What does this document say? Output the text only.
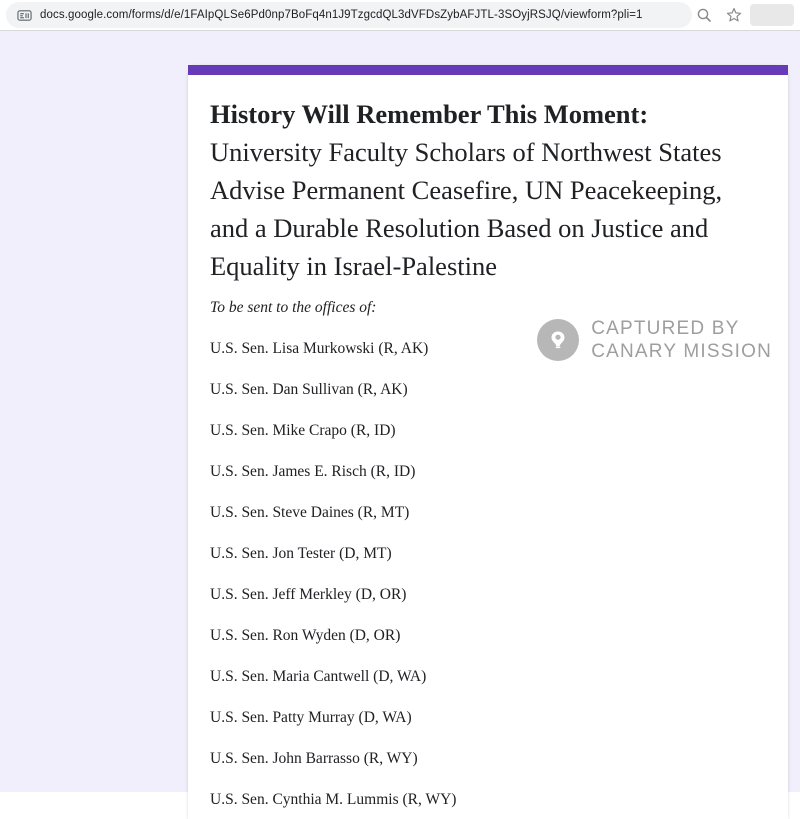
docs.google.com/forms/d/e/1FAIpQLSe6Pd0np7BoFq4n1J9TzgcdQL3dVFDsZybAFJTL-3SOyjRSJQ/viewform?pli=1
History Will Remember This Moment: University Faculty Scholars of Northwest States Advise Permanent Ceasefire, UN Peacekeeping, and a Durable Resolution Based on Justice and Equality in Israel-Palestine

To be sent to the offices of:

U.S. Sen. Lisa Murkowski (R, AK)
U.S. Sen. Dan Sullivan (R, AK)
U.S. Sen. Mike Crapo (R, ID)
U.S. Sen. James E. Risch (R, ID)
U.S. Sen. Steve Daines (R, MT)
U.S. Sen. Jon Tester (D, MT)
U.S. Sen. Jeff Merkley (D, OR)
U.S. Sen. Ron Wyden (D, OR)
U.S. Sen. Maria Cantwell (D, WA)
U.S. Sen. Patty Murray (D, WA)
U.S. Sen. John Barrasso (R, WY)
U.S. Sen. Cynthia M. Lummis (R, WY)
CAPTURED BY
CANARY MISSION
